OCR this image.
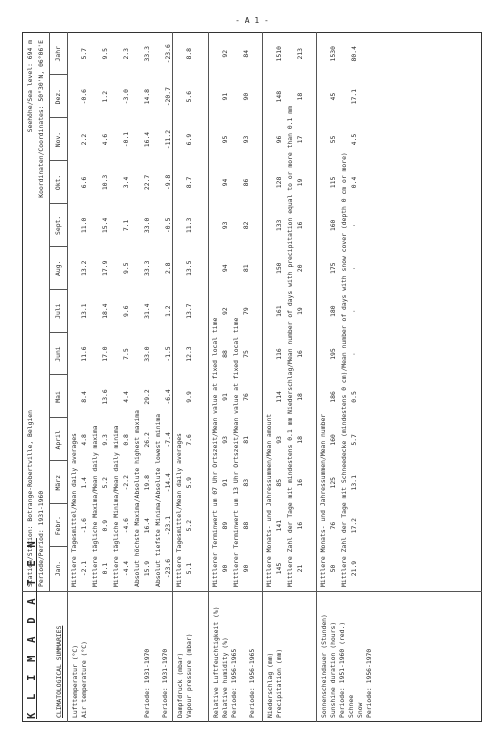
- A 1 -
K L I M A D A T E N	CLIMATOLOGICAL SUMMARIES
Station/Station: Botrange-Robertville, Belgien Periode/Period: 1931-1960
Seehöhe/Sea level: 694 m Koordinaten/Coordinates: 50°30'N, 06°06'E
Jan.
Febr.
März
April
Mai
Juni
Juli
Aug.
Sept.
Okt.
Nov.
Dez.
Jahr
Lufttemperatur (°C) Air temperature (°C)	Periode: 1931-1970 Periode: 1931-1970
Mittlere Tagesmittel/Mean daily averages -2.1
-1.6
1.4
4.8
8.4
11.6
13.1
13.2
11.0
6.6
2.2
-0.6
5.7
Mittlere tägliche Maxima/Mean daily maxima 0.1
0.9
5.2
9.3
13.6
17.0
18.4
17.9
15.4
10.3
4.6
1.2
9.5
Mittlere tägliche Minima/Mean daily minima -4.4
-4.6
-2.2
0.8
4.4
7.5
9.6
9.5
7.1
3.4
-0.1
-3.0
2.3
Absolut höchste Maxima/Absolute highest maxima 15.9
16.4
19.8
26.2
29.2
33.0
31.4
33.3
33.0
22.7
16.4
14.8
33.3
Absolut tiefste Minima/Absolute lowest minima -23.6
-23.1
-14.4
-7.4
-6.4
-1.5
1.2
2.8
-0.5
-9.8
-11.2
-20.7
-23.6
Dampfdruck (mbar) Vapour pressure (mbar)
Mittlere Tagesmittel/Mean daily averages 5.1
5.2
5.9
7.6
9.9
12.3
13.7
13.5
11.3
8.7
6.9
5.6
8.8
Relative Luftfeuchtigkeit (%) Relative humidity (%) Periode: 1956-1965 Periode: 1956-1965
Mittlerer Terminwert um 07 Uhr Ortszeit/Mean value at fixed local time 90
89
91
93
91
88
92
94
93
94
95
91
92
Mittlerer Terminwert um 13 Uhr Ortszeit/Mean value at fixed local time 90
88
83
81
76
75
79
81
82
86
93
90
84
Niederschlag (mm) Precipitation (mm)
Mittlere Monats- und Jahressummen/Mean amount 145
141
85
93
114
116
161
150
133
128
96
148
1510
Mittlere Zahl der Tage mit mindestens 0.1 mm Niederschlag/Mean number of days with precipitation equal to or more than 0.1 mm 21
16
16
18
18
16
19
20
16
19
17
18
213
Sonnenscheindauer (Stunden) Sunshine duration (hours) Periode: 1951-1960 (red.) Schnee Snow Periode: 1956-1970
Mittlere Monats- und Jahressummen/Mean number 50
76
125
160
186
195
180
175
160
115
55
45
1530
Mittlere Zahl der Tage mit Schneedecke (mindestens 0 cm)/Mean number of days with snow cover (depth 0 cm or more) 21.9
17.2
13.1
5.7
0.5
·
·
·
·
0.4
4.5
17.1
80.4
